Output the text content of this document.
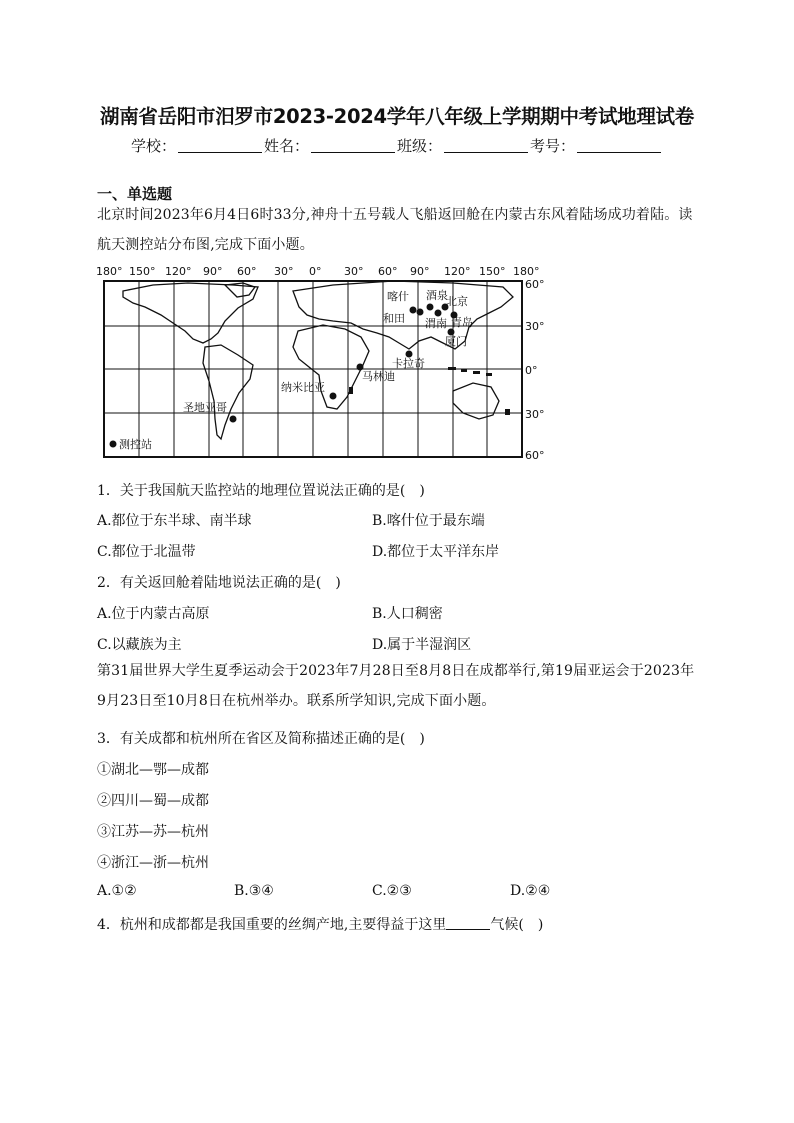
湖南省岳阳市汨罗市2023-2024学年八年级上学期期中考试地理试卷
学校：	姓名：	班级：	考号：
一、单选题
北京时间2023年6月4日6时33分,神舟十五号载人飞船返回舱在内蒙古东风着陆场成功着陆。读航天测控站分布图,完成下面小题。
180° 150° 120° 90° 60° 30° 0° 30° 60° 90° 120° 150° 180°
60°
30°
0°
30°
60°
喀什 酒泉
北京
和田 渭南 青岛
厦门
卡拉奇
马林迪
纳米比亚
圣地亚哥
测控站
1．关于我国航天监控站的地理位置说法正确的是(　)
A.都位于东半球、南半球	B.喀什位于最东端
C.都位于北温带	D.都位于太平洋东岸
2．有关返回舱着陆地说法正确的是(　)
A.位于内蒙古高原	B.人口稠密
C.以藏族为主	D.属于半湿润区
第31届世界大学生夏季运动会于2023年7月28日至8月8日在成都举行,第19届亚运会于2023年9月23日至10月8日在杭州举办。联系所学知识,完成下面小题。
3．有关成都和杭州所在省区及简称描述正确的是(　)
①湖北—鄂—成都
②四川—蜀—成都
③江苏—苏—杭州
④浙江—浙—杭州
A.①②	B.③④	C.②③	D.②④
4．杭州和成都都是我国重要的丝绸产地,主要得益于这里	气候(　)
